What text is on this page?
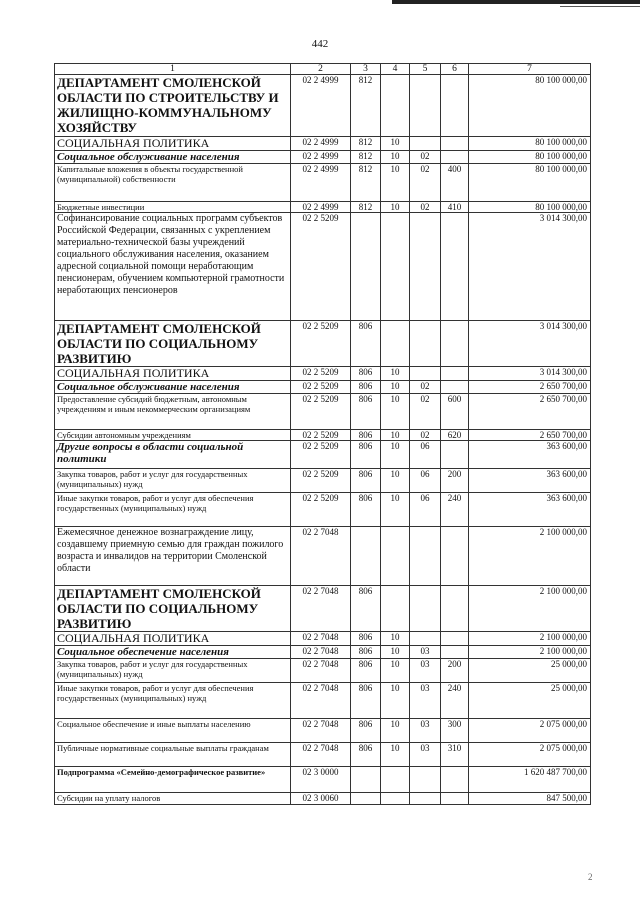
442
1	2	3	4	5	6	7
ДЕПАРТАМЕНТ СМОЛЕНСКОЙ ОБЛАСТИ ПО СТРОИТЕЛЬСТВУ И ЖИЛИЩНО-КОММУНАЛЬНОМУ ХОЗЯЙСТВУ	02 2 4999	812				80 100 000,00
СОЦИАЛЬНАЯ ПОЛИТИКА	02 2 4999	812	10			80 100 000,00
Социальное обслуживание населения	02 2 4999	812	10	02		80 100 000,00
Капитальные вложения в объекты государственной (муниципальной) собственности	02 2 4999	812	10	02	400	80 100 000,00
Бюджетные инвестиции	02 2 4999	812	10	02	410	80 100 000,00
Софинансирование социальных программ субъектов Российской Федерации, связанных с укреплением материально-технической базы учреждений социального обслуживания населения, оказанием адресной социальной помощи неработающим пенсионерам, обучением компьютерной грамотности неработающих пенсионеров	02 2 5209					3 014 300,00
ДЕПАРТАМЕНТ СМОЛЕНСКОЙ ОБЛАСТИ ПО СОЦИАЛЬНОМУ РАЗВИТИЮ	02 2 5209	806				3 014 300,00
СОЦИАЛЬНАЯ ПОЛИТИКА	02 2 5209	806	10			3 014 300,00
Социальное обслуживание населения	02 2 5209	806	10	02		2 650 700,00
Предоставление субсидий бюджетным, автономным учреждениям и иным некоммерческим организациям	02 2 5209	806	10	02	600	2 650 700,00
Субсидии автономным учреждениям	02 2 5209	806	10	02	620	2 650 700,00
Другие вопросы в области социальной политики	02 2 5209	806	10	06		363 600,00
Закупка товаров, работ и услуг для государственных (муниципальных) нужд	02 2 5209	806	10	06	200	363 600,00
Иные закупки товаров, работ и услуг для обеспечения государственных (муниципальных) нужд	02 2 5209	806	10	06	240	363 600,00
Ежемесячное денежное вознаграждение лицу, создавшему приемную семью для граждан пожилого возраста и инвалидов на территории Смоленской области	02 2 7048					2 100 000,00
ДЕПАРТАМЕНТ СМОЛЕНСКОЙ ОБЛАСТИ ПО СОЦИАЛЬНОМУ РАЗВИТИЮ	02 2 7048	806				2 100 000,00
СОЦИАЛЬНАЯ ПОЛИТИКА	02 2 7048	806	10			2 100 000,00
Социальное обеспечение населения	02 2 7048	806	10	03		2 100 000,00
Закупка товаров, работ и услуг для государственных (муниципальных) нужд	02 2 7048	806	10	03	200	25 000,00
Иные закупки товаров, работ и услуг для обеспечения государственных (муниципальных) нужд	02 2 7048	806	10	03	240	25 000,00
Социальное обеспечение и иные выплаты населению	02 2 7048	806	10	03	300	2 075 000,00
Публичные нормативные социальные выплаты гражданам	02 2 7048	806	10	03	310	2 075 000,00
Подпрограмма «Семейно-демографическое развитие»	02 3 0000					1 620 487 700,00
Субсидии на уплату налогов	02 3 0060					847 500,00
2
